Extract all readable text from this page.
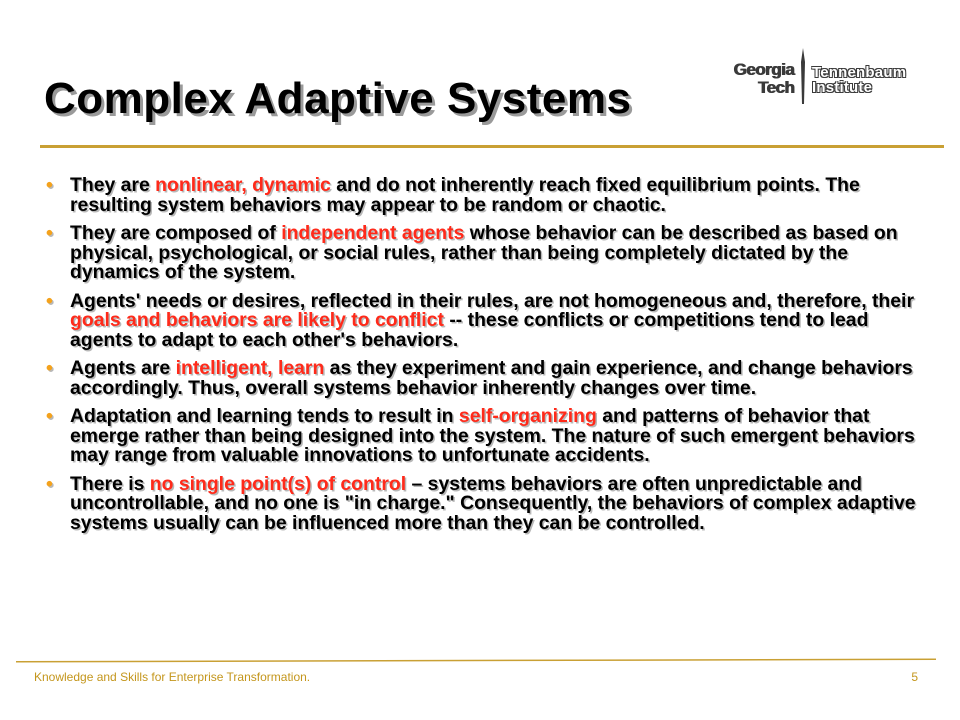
Complex Adaptive Systems
Georgia
Tech
Tennenbaum
Institute
• They are nonlinear, dynamic and do not inherently reach fixed equilibrium points. The resulting system behaviors may appear to be random or chaotic.
• They are composed of independent agents whose behavior can be described as based on physical, psychological, or social rules, rather than being completely dictated by the dynamics of the system.
• Agents' needs or desires, reflected in their rules, are not homogeneous and, therefore, their goals and behaviors are likely to conflict -- these conflicts or competitions tend to lead agents to adapt to each other's behaviors.
• Agents are intelligent, learn as they experiment and gain experience, and change behaviors accordingly. Thus, overall systems behavior inherently changes over time.
• Adaptation and learning tends to result in self-organizing and patterns of behavior that emerge rather than being designed into the system. The nature of such emergent behaviors may range from valuable innovations to unfortunate accidents.
• There is no single point(s) of control – systems behaviors are often unpredictable and uncontrollable, and no one is "in charge." Consequently, the behaviors of complex adaptive systems usually can be influenced more than they can be controlled.
Knowledge and Skills for Enterprise Transformation.	5
